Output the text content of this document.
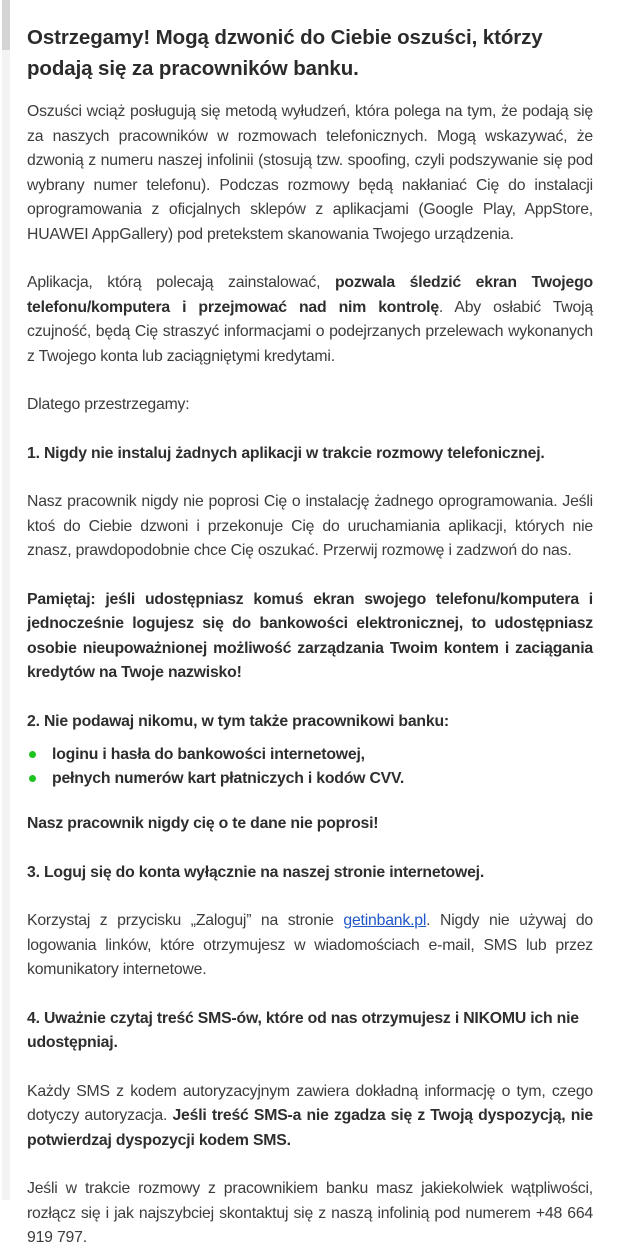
Ostrzegamy! Mogą dzwonić do Ciebie oszuści, którzy podają się za pracowników banku.

Oszuści wciąż posługują się metodą wyłudzeń, która polega na tym, że podają się za naszych pracowników w rozmowach telefonicznych. Mogą wskazywać, że dzwonią z numeru naszej infolinii (stosują tzw. spoofing, czyli podszywanie się pod wybrany numer telefonu). Podczas rozmowy będą nakłaniać Cię do instalacji oprogramowania z oficjalnych sklepów z aplikacjami (Google Play, AppStore, HUAWEI AppGallery) pod pretekstem skanowania Twojego urządzenia.

Aplikacja, którą polecają zainstalować, pozwala śledzić ekran Twojego telefonu/komputera i przejmować nad nim kontrolę. Aby osłabić Twoją czujność, będą Cię straszyć informacjami o podejrzanych przelewach wykonanych z Twojego konta lub zaciągniętymi kredytami.

Dlatego przestrzegamy:

1. Nigdy nie instaluj żadnych aplikacji w trakcie rozmowy telefonicznej.

Nasz pracownik nigdy nie poprosi Cię o instalację żadnego oprogramowania. Jeśli ktoś do Ciebie dzwoni i przekonuje Cię do uruchamiania aplikacji, których nie znasz, prawdopodobnie chce Cię oszukać. Przerwij rozmowę i zadzwoń do nas.

Pamiętaj: jeśli udostępniasz komuś ekran swojego telefonu/komputera i jednocześnie logujesz się do bankowości elektronicznej, to udostępniasz osobie nieupoważnionej możliwość zarządzania Twoim kontem i zaciągania kredytów na Twoje nazwisko!

2. Nie podawaj nikomu, w tym także pracownikowi banku:

loginu i hasła do bankowości internetowej,
pełnych numerów kart płatniczych i kodów CVV.

Nasz pracownik nigdy cię o te dane nie poprosi!

3. Loguj się do konta wyłącznie na naszej stronie internetowej.

Korzystaj z przycisku „Zaloguj” na stronie getinbank.pl. Nigdy nie używaj do logowania linków, które otrzymujesz w wiadomościach e-mail, SMS lub przez komunikatory internetowe.

4. Uważnie czytaj treść SMS-ów, które od nas otrzymujesz i NIKOMU ich nie udostępniaj.

Każdy SMS z kodem autoryzacyjnym zawiera dokładną informację o tym, czego dotyczy autoryzacja. Jeśli treść SMS-a nie zgadza się z Twoją dyspozycją, nie potwierdzaj dyspozycji kodem SMS.

Jeśli w trakcie rozmowy z pracownikiem banku masz jakiekolwiek wątpliwości, rozłącz się i jak najszybciej skontaktuj się z naszą infolinią pod numerem +48 664 919 797.
